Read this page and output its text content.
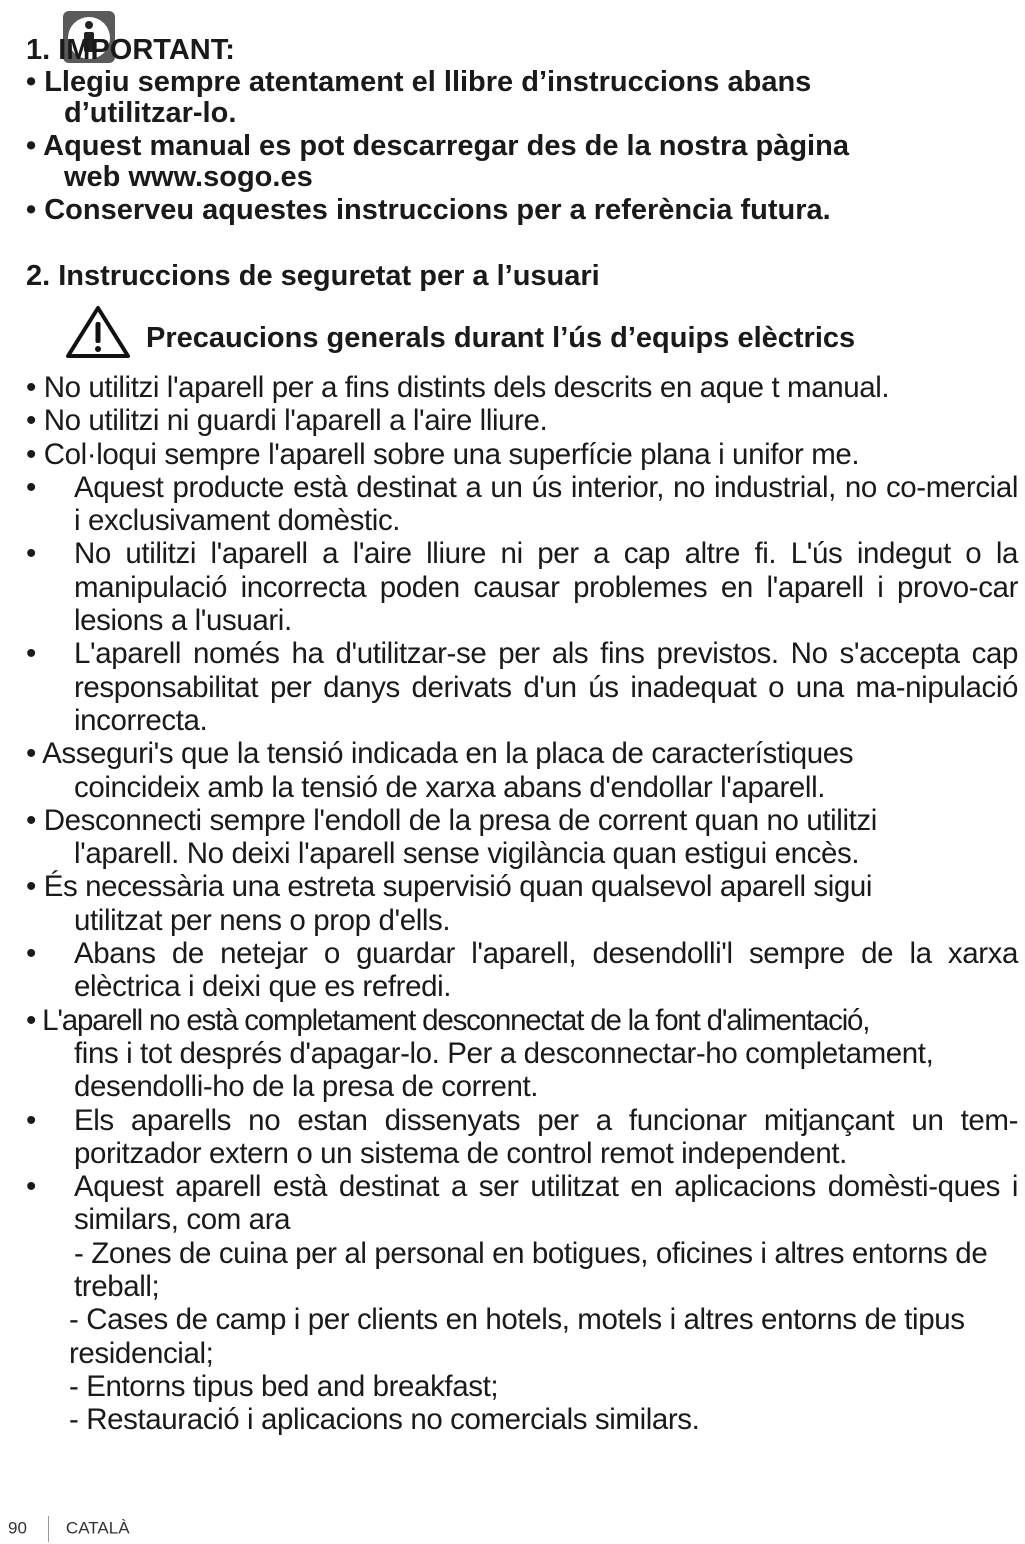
1. IMPORTANT:
• Llegiu sempre atentament el llibre d’instruccions abans
d’utilitzar-lo.
• Aquest manual es pot descarregar des de la nostra pàgina
web www.sogo.es
• Conserveu aquestes instruccions per a referència futura.
2. Instruccions de seguretat per a l’usuari
Precaucions generals durant l’ús d’equips elèctrics
• No utilitzi l'aparell per a fins distints dels descrits en aque t manual.
• No utilitzi ni guardi l'aparell a l'aire lliure.
• Col·loqui sempre l'aparell sobre una superfície plana i unifor me.
• Aquest producte està destinat a un ús interior, no industrial, no co-mercial i exclusivament domèstic.
• No utilitzi l'aparell a l'aire lliure ni per a cap altre fi. L'ús indegut o la manipulació incorrecta poden causar problemes en l'aparell i provo-car lesions a l'usuari.
• L'aparell només ha d'utilitzar-se per als fins previstos. No s'accepta cap responsabilitat per danys derivats d'un ús inadequat o una ma-nipulació incorrecta.
• Asseguri's que la tensió indicada en la placa de característiques
coincideix amb la tensió de xarxa abans d'endollar l'aparell.
• Desconnecti sempre l'endoll de la presa de corrent quan no utilitzi
l'aparell. No deixi l'aparell sense vigilància quan estigui encès.
• És necessària una estreta supervisió quan qualsevol aparell sigui
utilitzat per nens o prop d'ells.
• Abans de netejar o guardar l'aparell, desendolli'l sempre de la xarxa elèctrica i deixi que es refredi.
• L'aparell no està completament desconnectat de la font d'alimentació,
fins i tot després d'apagar-lo. Per a desconnectar-ho completament, desendolli-ho de la presa de corrent.
• Els aparells no estan dissenyats per a funcionar mitjançant un tem-poritzador extern o un sistema de control remot independent.
• Aquest aparell està destinat a ser utilitzat en aplicacions domèsti-ques i similars, com ara
- Zones de cuina per al personal en botigues, oficines i altres entorns de treball;
- Cases de camp i per clients en hotels, motels i altres entorns de tipus residencial;
- Entorns tipus bed and breakfast;
- Restauració i aplicacions no comercials similars.
90 CATALÀ
